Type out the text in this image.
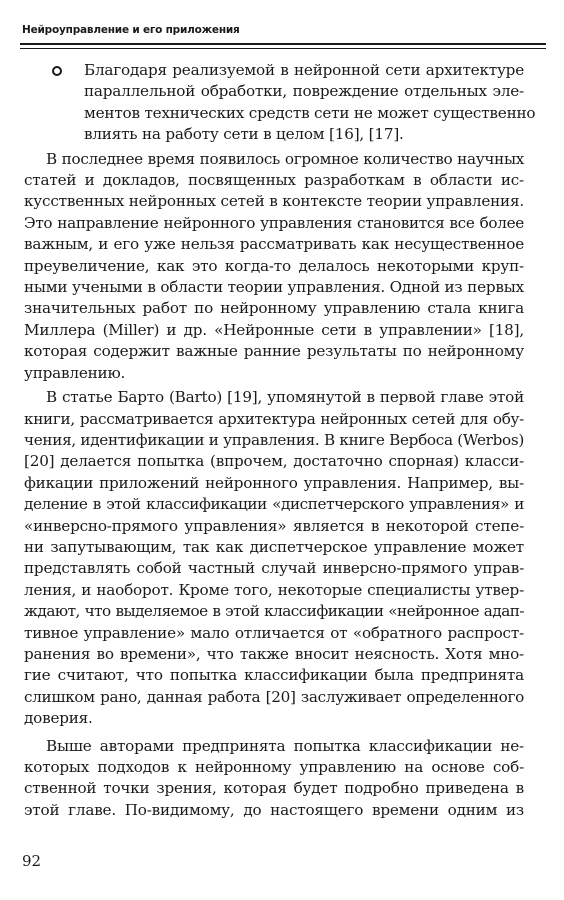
Нейроуправление и его приложения
Благодаря реализуемой в нейронной сети архитектуре
параллельной обработки, повреждение отдельных эле-
ментов технических средств сети не может существенно
влиять на работу сети в целом [16], [17].
В последнее время появилось огромное количество научных
статей и докладов, посвященных разработкам в области ис-
кусственных нейронных сетей в контексте теории управления.
Это направление нейронного управления становится все более
важным, и его уже нельзя рассматривать как несущественное
преувеличение, как это когда-то делалось некоторыми круп-
ными учеными в области теории управления. Одной из первых
значительных работ по нейронному управлению стала книга
Миллера (Miller) и др. «Нейронные сети в управлении» [18],
которая содержит важные ранние результаты по нейронному
управлению.
В статье Барто (Barto) [19], упомянутой в первой главе этой
книги, рассматривается архитектура нейронных сетей для обу-
чения, идентификации и управления. В книге Вербоса (Werbos)
[20] делается попытка (впрочем, достаточно спорная) класси-
фикации приложений нейронного управления. Например, вы-
деление в этой классификации «диспетчерского управления» и
«инверсно-прямого управления» является в некоторой степе-
ни запутывающим, так как диспетчерское управление может
представлять собой частный случай инверсно-прямого управ-
ления, и наоборот. Кроме того, некоторые специалисты утвер-
ждают, что выделяемое в этой классификации «нейронное адап-
тивное управление» мало отличается от «обратного распрост-
ранения во времени», что также вносит неясность. Хотя мно-
гие считают, что попытка классификации была предпринята
слишком рано, данная работа [20] заслуживает определенного
доверия.
Выше авторами предпринята попытка классификации не-
которых подходов к нейронному управлению на основе соб-
ственной точки зрения, которая будет подробно приведена в
этой главе. По-видимому, до настоящего времени одним из
92
